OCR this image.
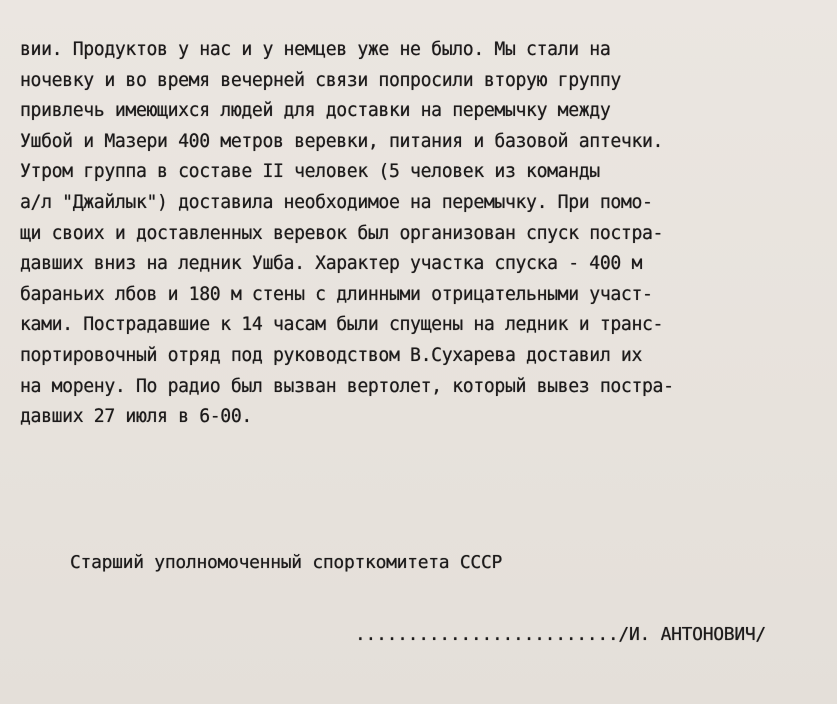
вии. Продуктов у нас и у немцев уже не было. Мы стали на
ночевку и во время вечерней связи попросили вторую группу
привлечь имеющихся людей для доставки на перемычку между
Ушбой и Мазери 400 метров веревки, питания и базовой аптечки.
Утром группа в составе II человек (5 человек из команды
а/л "Джайлык") доставила необходимое на перемычку. При помо-
щи своих и доставленных веревок был организован спуск постра-
давших вниз на ледник Ушба. Характер участка спуска - 400 м
бараньих лбов и 180 м стены с длинными отрицательными участ-
ками. Пострадавшие к 14 часам были спущены на ледник и транс-
портировочный отряд под руководством В.Сухарева доставил их
на морену. По радио был вызван вертолет, который вывез постра-
давших 27 июля в 6-00.
Старший уполномоченный спорткомитета СССР
........................./И. АНТОНОВИЧ/
